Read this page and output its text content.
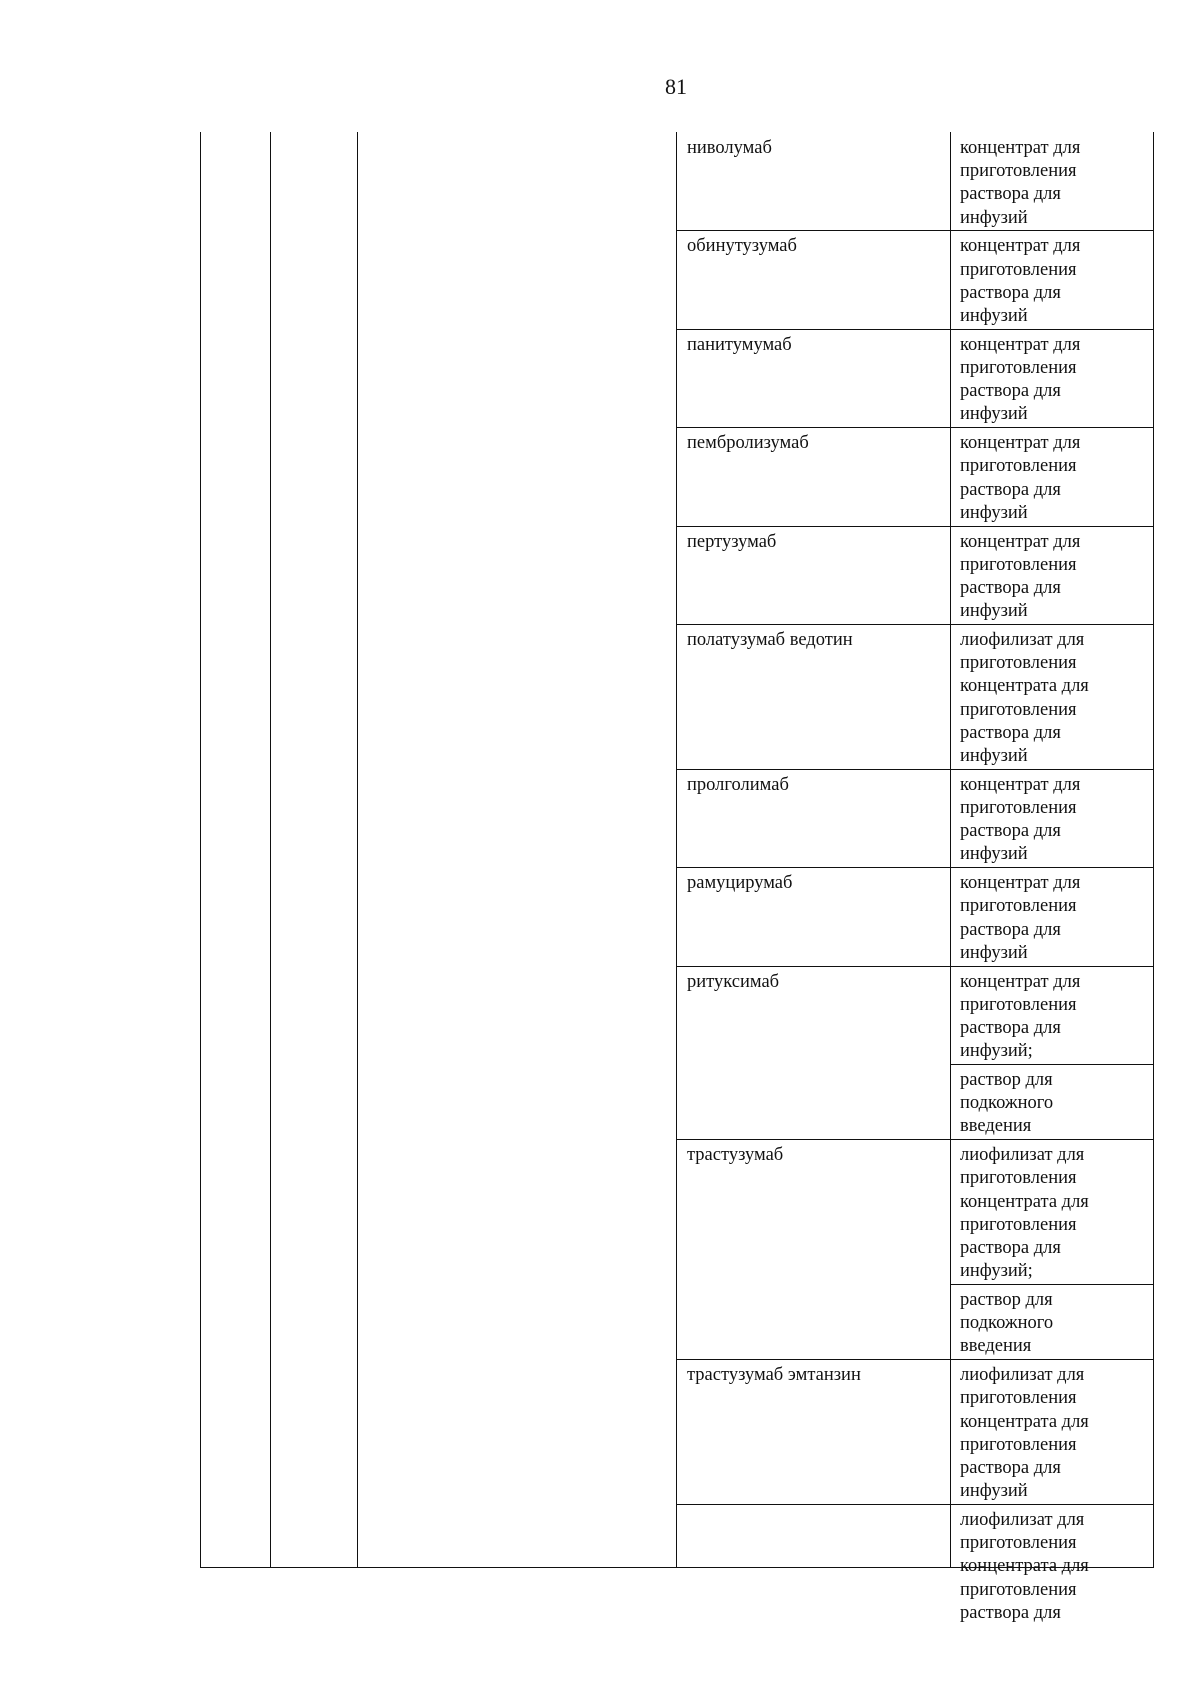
81
концентрат для
приготовления
раствора для
инфузий
ниволумаб
концентрат для
приготовления
раствора для
инфузий
обинутузумаб
концентрат для
приготовления
раствора для
инфузий
панитумумаб
концентрат для
приготовления
раствора для
инфузий
пембролизумаб
концентрат для
приготовления
раствора для
инфузий
пертузумаб
лиофилизат для
приготовления
концентрата для
приготовления
раствора для
инфузий
полатузумаб ведотин
концентрат для
приготовления
раствора для
инфузий
пролголимаб
концентрат для
приготовления
раствора для
инфузий
рамуцирумаб
концентрат для
приготовления
раствора для
инфузий;
раствор для
подкожного
введения
ритуксимаб
лиофилизат для
приготовления
концентрата для
приготовления
раствора для
инфузий;
раствор для
подкожного
введения
трастузумаб
лиофилизат для
приготовления
концентрата для
приготовления
раствора для
инфузий
трастузумаб эмтанзин
лиофилизат для
приготовления
концентрата для
приготовления
раствора для
